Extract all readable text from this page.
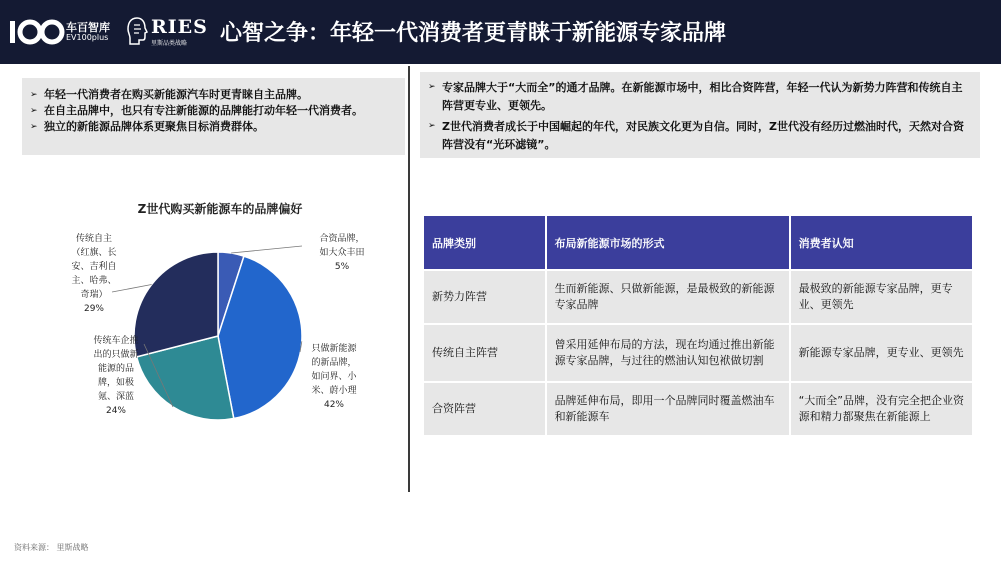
车百智库
EV100plus RIES
里斯品类战略 心智之争：年轻一代消费者更青睐于新能源专家品牌
➢ 年轻一代消费者在购买新能源汽车时更青睐自主品牌。
➢ 在自主品牌中，也只有专注新能源的品牌能打动年轻一代消费者。
➢ 独立的新能源品牌体系更聚焦目标消费群体。
➢ 专家品牌大于“大而全”的通才品牌。在新能源市场中，相比合资阵营，年轻一代认为新势力阵营和传统自主阵营更专业、更领先。
➢ Z世代消费者成长于中国崛起的年代，对民族文化更为自信。同时，Z世代没有经历过燃油时代，天然对合资阵营没有“光环滤镜”。
Z世代购买新能源车的品牌偏好
合资品牌，
如大众丰田
5%
只做新能源
的新品牌，
如问界、小
米、蔚小理
42%
传统车企推
出的只做新
能源的品
牌，如极
氪、深蓝
24%
传统自主
（红旗、长
安、吉利自
主、哈弗、
奇瑞）
29%
品牌类别	布局新能源市场的形式	消费者认知
新势力阵营	生而新能源、只做新能源，是最极致的新能源专家品牌	最极致的新能源专家品牌，更专业、更领先
传统自主阵营	曾采用延伸布局的方法，现在均通过推出新能源专家品牌，与过往的燃油认知包袱做切割	新能源专家品牌，更专业、更领先
合资阵营	品牌延伸布局，即用一个品牌同时覆盖燃油车和新能源车	“大而全”品牌，没有完全把企业资源和精力都聚焦在新能源上
资料来源： 里斯战略
